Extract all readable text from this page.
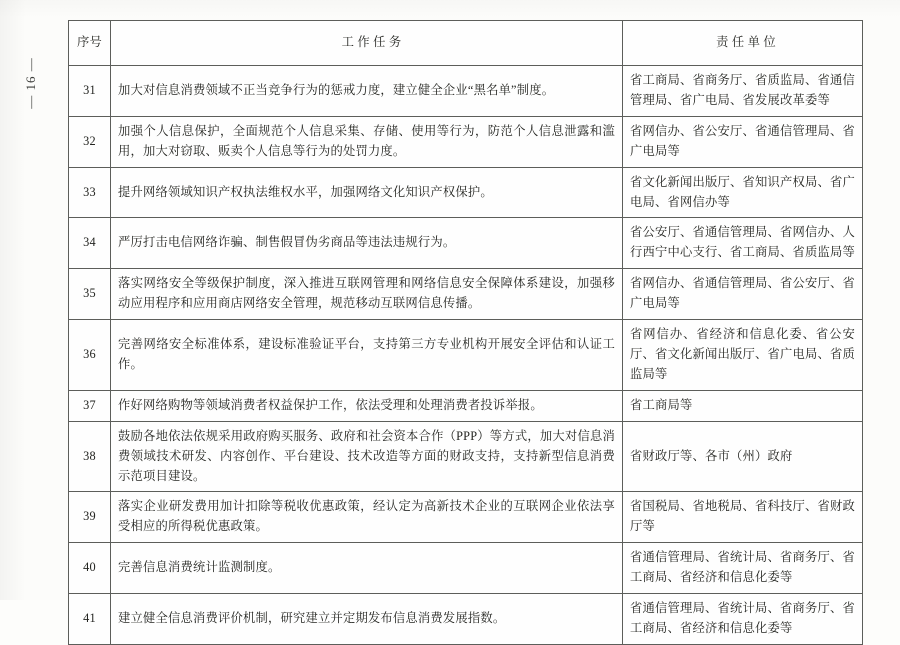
— 16 —
序号	工 作 任 务	责 任 单 位
31	加大对信息消费领域不正当竞争行为的惩戒力度，建立健全企业“黑名单”制度。	省工商局、省商务厅、省质监局、省通信管理局、省广电局、省发展改革委等
32	加强个人信息保护，全面规范个人信息采集、存储、使用等行为，防范个人信息泄露和滥用，加大对窃取、贩卖个人信息等行为的处罚力度。	省网信办、省公安厅、省通信管理局、省广电局等
33	提升网络领域知识产权执法维权水平，加强网络文化知识产权保护。	省文化新闻出版厅、省知识产权局、省广电局、省网信办等
34	严厉打击电信网络诈骗、制售假冒伪劣商品等违法违规行为。	省公安厅、省通信管理局、省网信办、人行西宁中心支行、省工商局、省质监局等
35	落实网络安全等级保护制度，深入推进互联网管理和网络信息安全保障体系建设，加强移动应用程序和应用商店网络安全管理，规范移动互联网信息传播。	省网信办、省通信管理局、省公安厅、省广电局等
36	完善网络安全标准体系，建设标准验证平台，支持第三方专业机构开展安全评估和认证工作。	省网信办、省经济和信息化委、省公安厅、省文化新闻出版厅、省广电局、省质监局等
37	作好网络购物等领域消费者权益保护工作，依法受理和处理消费者投诉举报。	省工商局等
38	鼓励各地依法依规采用政府购买服务、政府和社会资本合作（PPP）等方式，加大对信息消费领域技术研发、内容创作、平台建设、技术改造等方面的财政支持，支持新型信息消费示范项目建设。	省财政厅等、各市（州）政府
39	落实企业研发费用加计扣除等税收优惠政策，经认定为高新技术企业的互联网企业依法享受相应的所得税优惠政策。	省国税局、省地税局、省科技厅、省财政厅等
40	完善信息消费统计监测制度。	省通信管理局、省统计局、省商务厅、省工商局、省经济和信息化委等
41	建立健全信息消费评价机制，研究建立并定期发布信息消费发展指数。	省通信管理局、省统计局、省商务厅、省工商局、省经济和信息化委等
